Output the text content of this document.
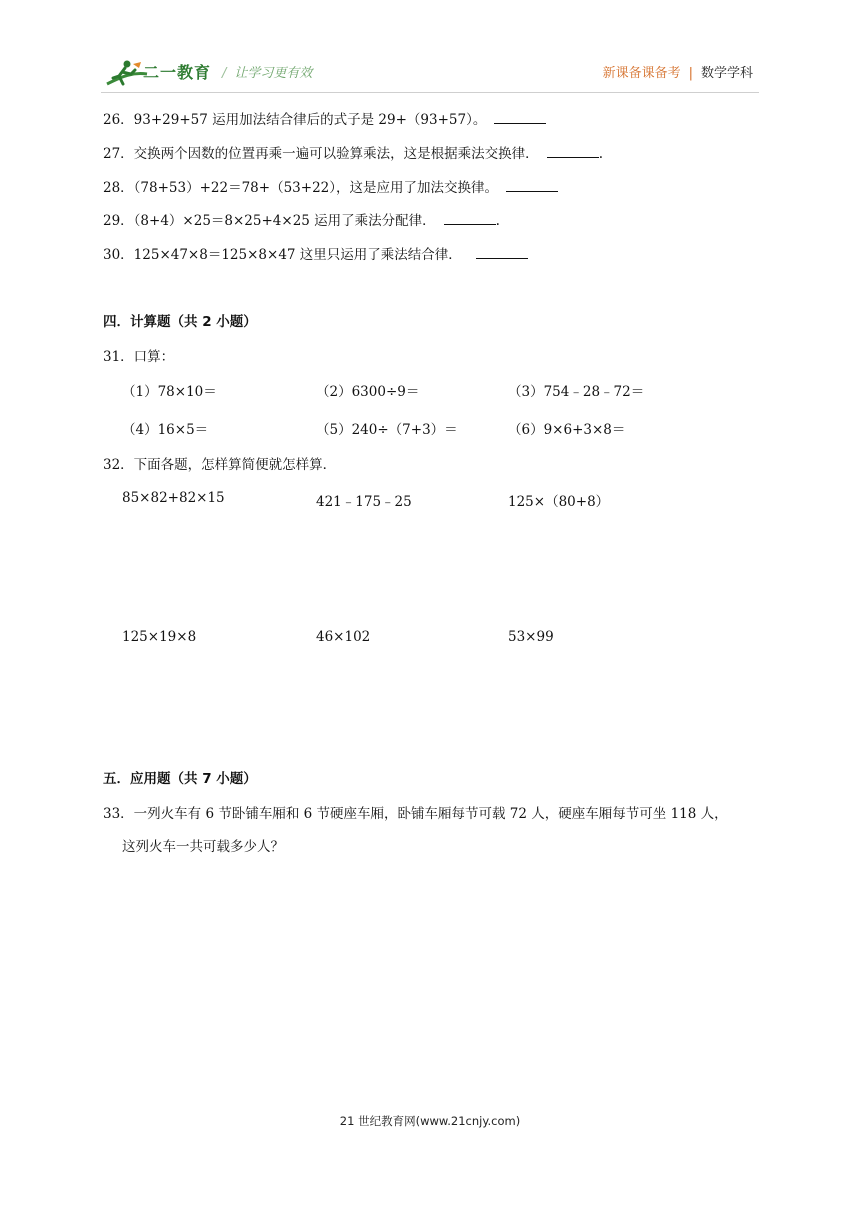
二一教育 / 让学习更有效	新课备课备考 | 数学学科
26．93+29+57 运用加法结合律后的式子是 29+（93+57）。
27．交换两个因数的位置再乘一遍可以验算乘法，这是根据乘法交换律．	.
28．（78+53）+22＝78+（53+22），这是应用了加法交换律。
29．（8+4）×25＝8×25+4×25 运用了乘法分配律．	.
30．125×47×8＝125×8×47 这里只运用了乘法结合律．
四．计算题（共 2 小题）
31．口算：
（1）78×10＝	（2）6300÷9＝	（3）754﹣28﹣72＝
（4）16×5＝	（5）240÷（7+3）＝	（6）9×6+3×8＝
32．下面各题，怎样算简便就怎样算．
85×82+82×15	421﹣175﹣25	125×（80+8）
125×19×8	46×102	53×99
五．应用题（共 7 小题）
33．一列火车有 6 节卧铺车厢和 6 节硬座车厢，卧铺车厢每节可载 72 人，硬座车厢每节可坐 118 人，
这列火车一共可载多少人？
21 世纪教育网(www.21cnjy.com)
